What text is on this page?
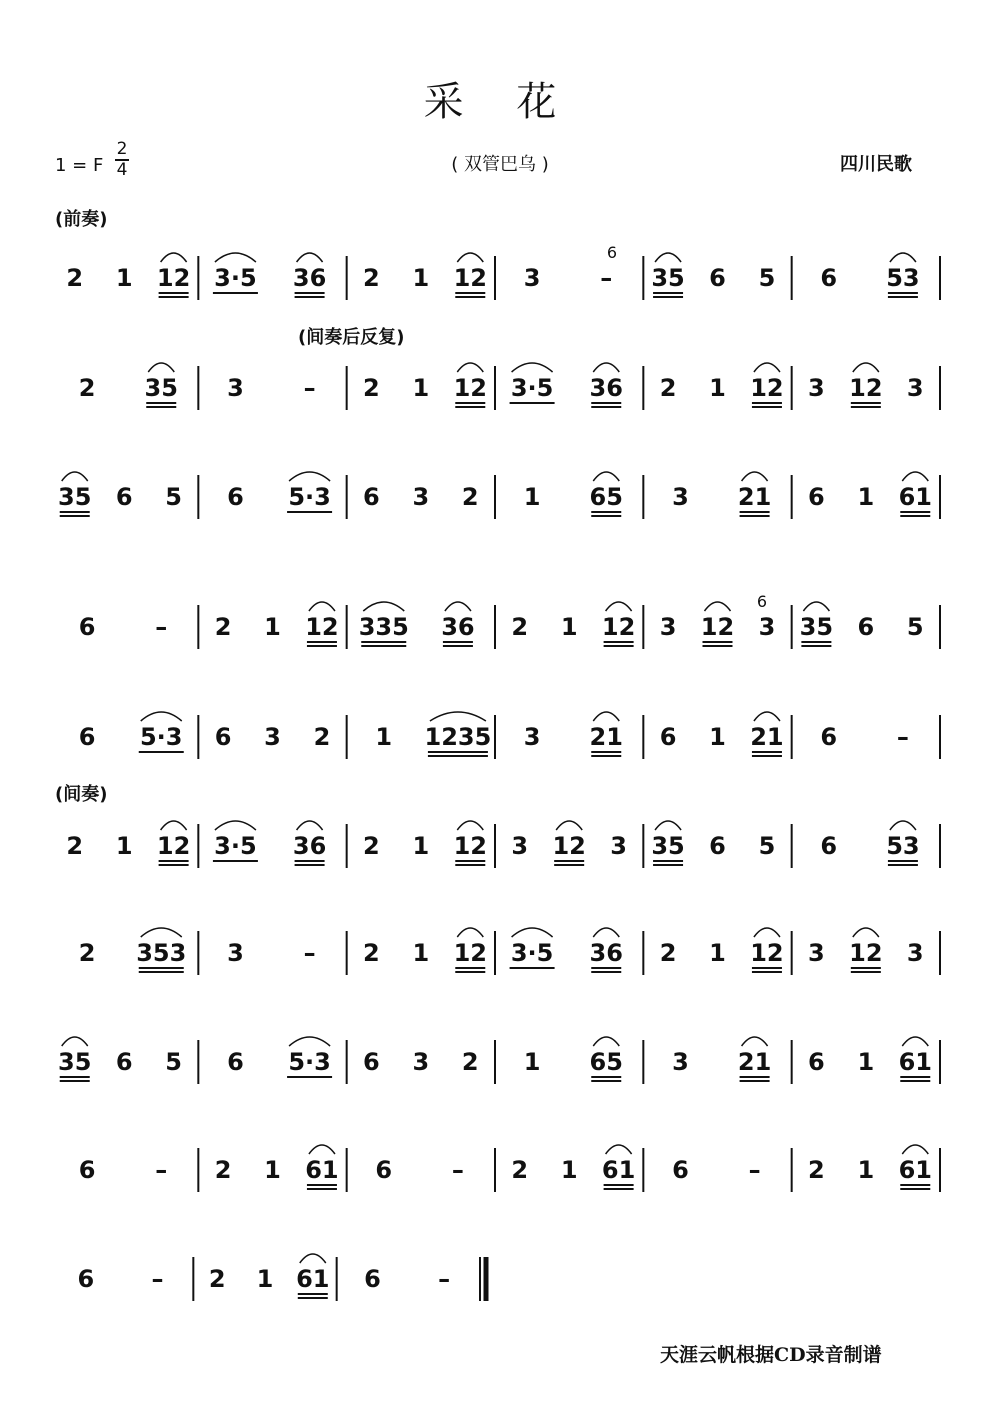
采 花
1 = F
2
4	( 双管巴乌 )	四川民歌
(前奏)
(间奏后反复)
(间奏)
2 1 12 3·5 36 2 1 12 3 – 35 6 5 6 53
6
2 35 3 – 2 1 12 3·5 36 2 1 12 3 12 3
35 6 5 6 5·3 6 3 2 1 65 3 21 6 1 61
6 – 2 1 12 335 36 2 1 12 3 12 3 35 6 5
6
6 5·3 6 3 2 1 1235 3 21 6 1 21 6 –
2 1 12 3·5 36 2 1 12 3 12 3 35 6 5 6 53
2 353 3 – 2 1 12 3·5 36 2 1 12 3 12 3
35 6 5 6 5·3 6 3 2 1 65 3 21 6 1 61
6 – 2 1 61 6 – 2 1 61 6 – 2 1 61
6 – 2 1 61 6 –
天涯云帆根据CD录音制谱
